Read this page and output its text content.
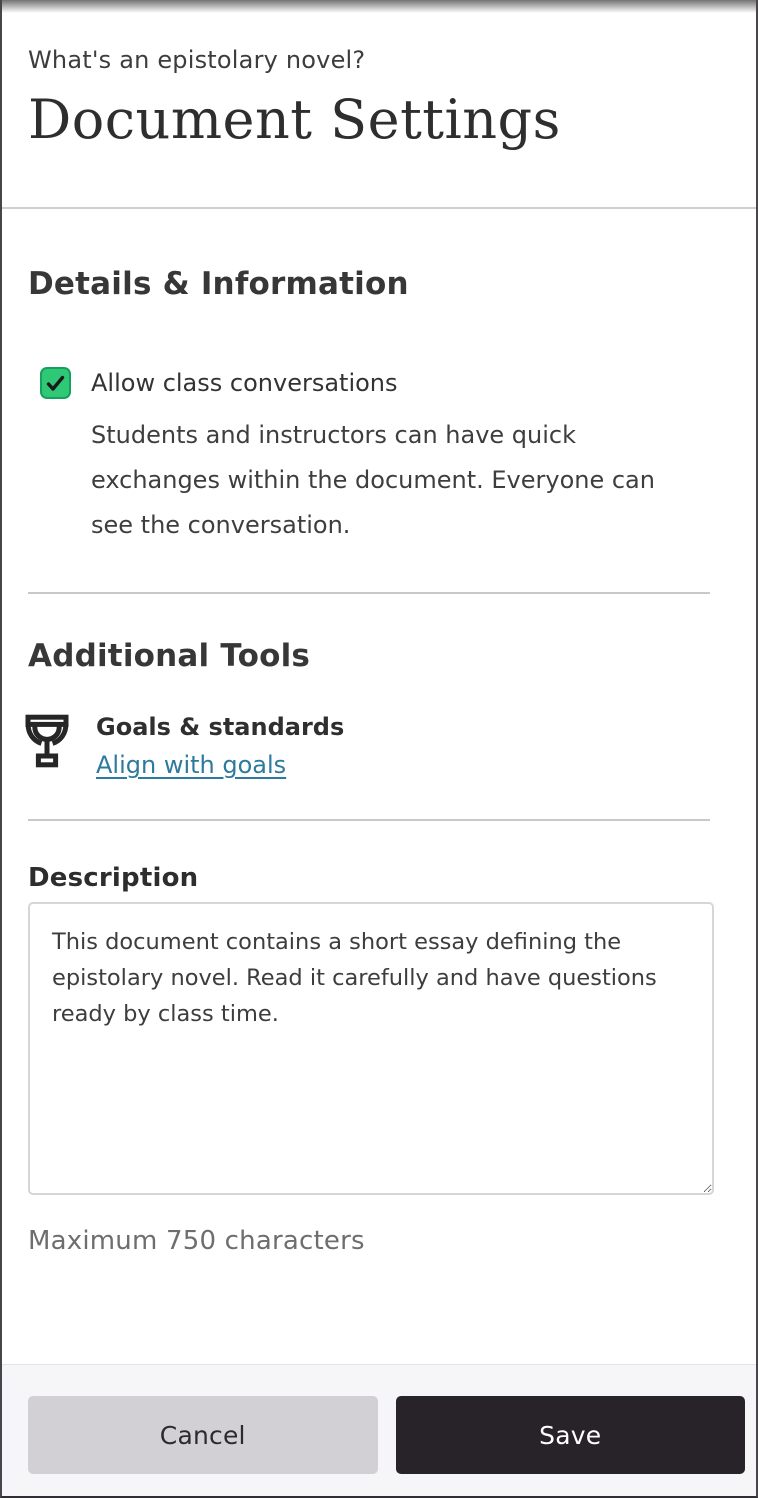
What's an epistolary novel?
Document Settings
Details & Information
Allow class conversations
Students and instructors can have quick exchanges within the document. Everyone can see the conversation.
Additional Tools
Goals & standards
Align with goals
Description
This document contains a short essay defining the epistolary novel. Read it carefully and have questions ready by class time.
Maximum 750 characters
Cancel	Save
